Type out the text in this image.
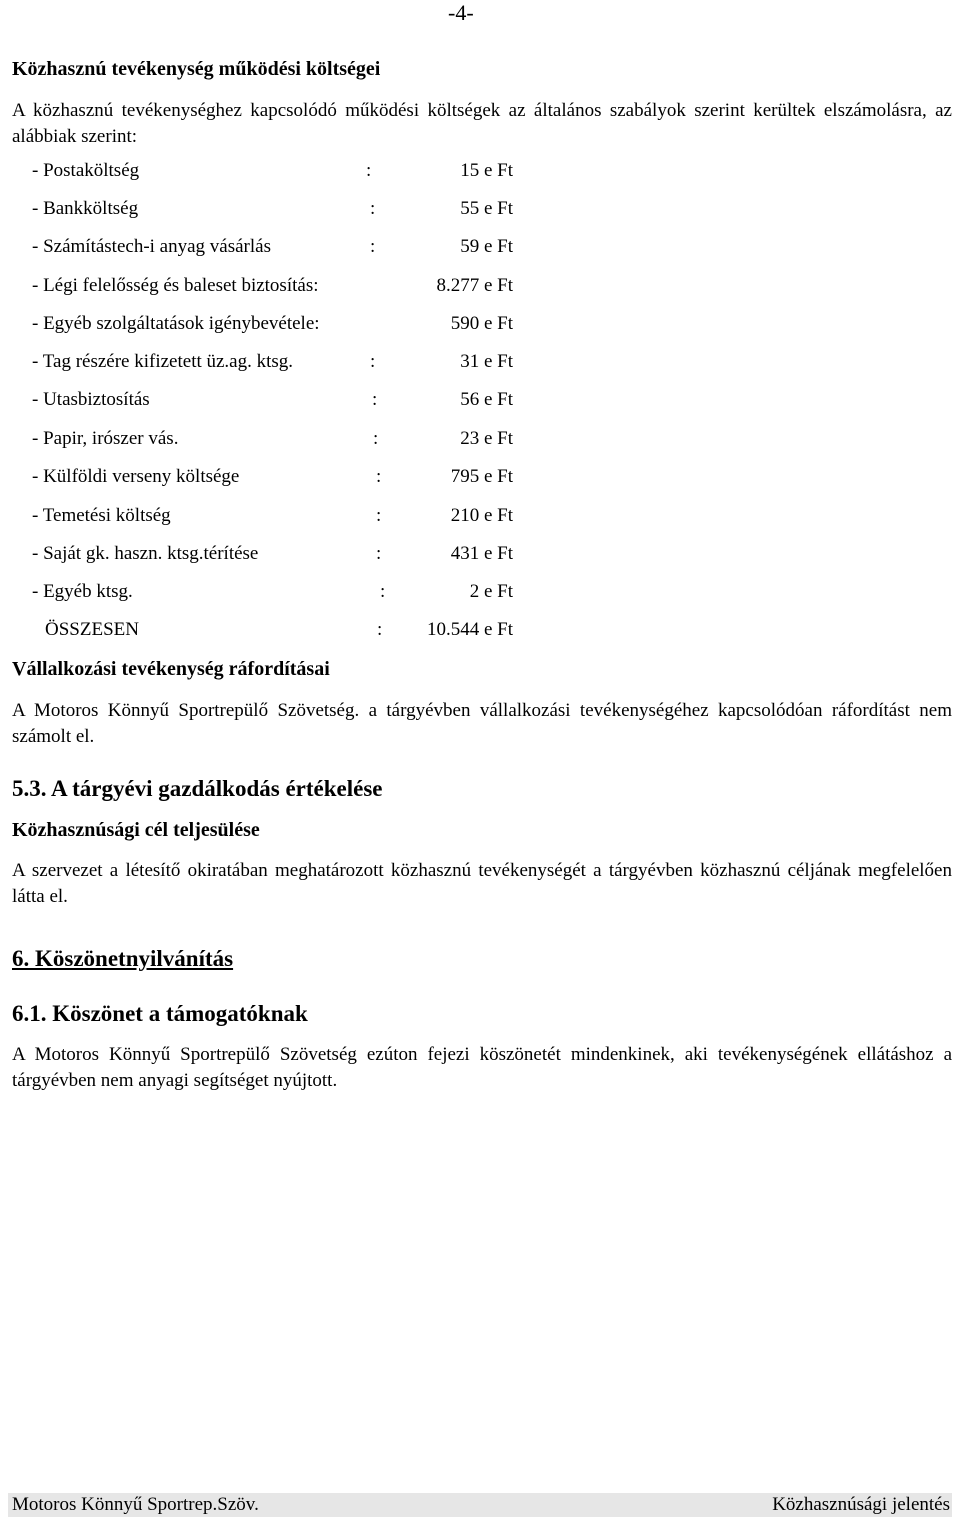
-4-
Közhasznú tevékenység működési költségei
A közhasznú tevékenységhez kapcsolódó működési költségek az általános szabályok szerint kerültek elszámolásra, az alábbiak szerint:
- Postaköltség	:	15 e Ft
- Bankköltség	:	55 e Ft
- Számítástech-i anyag vásárlás	:	59 e Ft
- Légi felelősség és baleset biztosítás:	8.277 e Ft
- Egyéb szolgáltatások igénybevétele:	590 e Ft
- Tag részére kifizetett üz.ag. ktsg.	:	31 e Ft
- Utasbiztosítás	:	56 e Ft
- Papir, irószer vás.	:	23 e Ft
- Külföldi verseny költsége	:	795 e Ft
- Temetési költség	:	210 e Ft
- Saját gk. haszn. ktsg.térítése	:	431 e Ft
- Egyéb ktsg.	:	2 e Ft
ÖSSZESEN	: 10.544 e Ft
Vállalkozási tevékenység ráfordításai
A Motoros Könnyű Sportrepülő Szövetség. a tárgyévben vállalkozási tevékenységéhez kapcsolódóan ráfordítást nem számolt el.
5.3. A tárgyévi gazdálkodás értékelése
Közhasznúsági cél teljesülése
A szervezet a létesítő okiratában meghatározott közhasznú tevékenységét a tárgyévben közhasznú céljának megfelelően látta el.
6. Köszönetnyilvánítás
6.1. Köszönet a támogatóknak
A Motoros Könnyű Sportrepülő Szövetség ezúton fejezi köszönetét mindenkinek, aki tevékenységének ellátáshoz a tárgyévben nem anyagi segítséget nyújtott.
Motoros Könnyű Sportrep.Szöv.	Közhasznúsági jelentés
